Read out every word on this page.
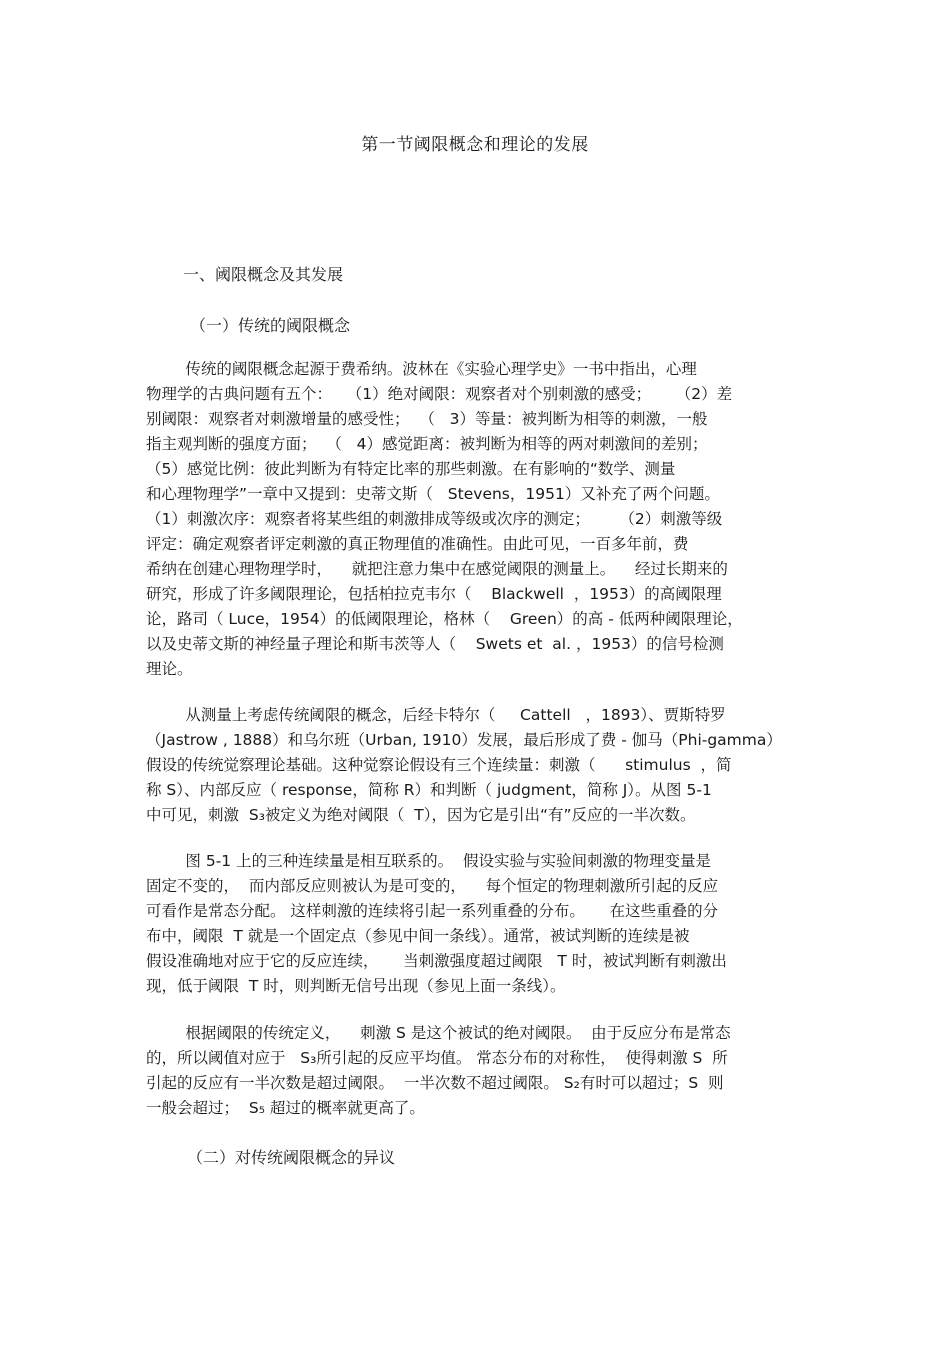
第一节阈限概念和理论的发展
一、阈限概念及其发展
（一）传统的阈限概念
传统的阈限概念起源于费希纳。波林在《实验心理学史》一书中指出，心理
物理学的古典问题有五个：   （1）绝对阈限：观察者对个别刺激的感受；     （2）差
别阈限：观察者对刺激增量的感受性；  （   3）等量：被判断为相等的刺激，一般
指主观判断的强度方面；  （   4）感觉距离：被判断为相等的两对刺激间的差别；
（5）感觉比例：彼此判断为有特定比率的那些刺激。在有影响的“数学、测量
和心理物理学”一章中又提到：史蒂文斯（   Stevens，1951）又补充了两个问题。
（1）刺激次序：观察者将某些组的刺激排成等级或次序的测定；      （2）刺激等级
评定：确定观察者评定刺激的真正物理值的准确性。由此可见，一百多年前，费
希纳在创建心理物理学时，    就把注意力集中在感觉阈限的测量上。    经过长期来的
研究，形成了许多阈限理论，包括柏拉克韦尔（    Blackwell  ，1953）的高阈限理
论，路司（ Luce，1954）的低阈限理论，格林（    Green）的高 - 低两种阈限理论，
以及史蒂文斯的神经量子理论和斯韦茨等人（    Swets et  al. ，1953）的信号检测
理论。
从测量上考虑传统阈限的概念，后经卡特尔（     Cattell   ，1893）、贾斯特罗
（Jastrow , 1888）和乌尔班（Urban, 1910）发展，最后形成了费 - 伽马（Phi-gamma）
假设的传统觉察理论基础。这种觉察论假设有三个连续量：刺激（      stimulus  ，简
称 S）、内部反应（ response，简称 R）和判断（ judgment，简称 J）。从图 5-1
中可见，刺激  S₃被定义为绝对阈限（  T），因为它是引出“有”反应的一半次数。
图 5-1 上的三种连续量是相互联系的。  假设实验与实验间刺激的物理变量是
固定不变的，  而内部反应则被认为是可变的，    每个恒定的物理刺激所引起的反应
可看作是常态分配。 这样刺激的连续将引起一系列重叠的分布。     在这些重叠的分
布中，阈限  T 就是一个固定点（参见中间一条线）。通常，被试判断的连续是被
假设准确地对应于它的反应连续，     当刺激强度超过阈限   T 时，被试判断有刺激出
现，低于阈限  T 时，则判断无信号出现（参见上面一条线）。
根据阈限的传统定义，    刺激 S 是这个被试的绝对阈限。  由于反应分布是常态
的，所以阈值对应于   S₃所引起的反应平均值。 常态分布的对称性，  使得刺激 S  所
引起的反应有一半次数是超过阈限。  一半次数不超过阈限。 S₂有时可以超过；S  则
一般会超过；  S₅ 超过的概率就更高了。
（二）对传统阈限概念的异议
